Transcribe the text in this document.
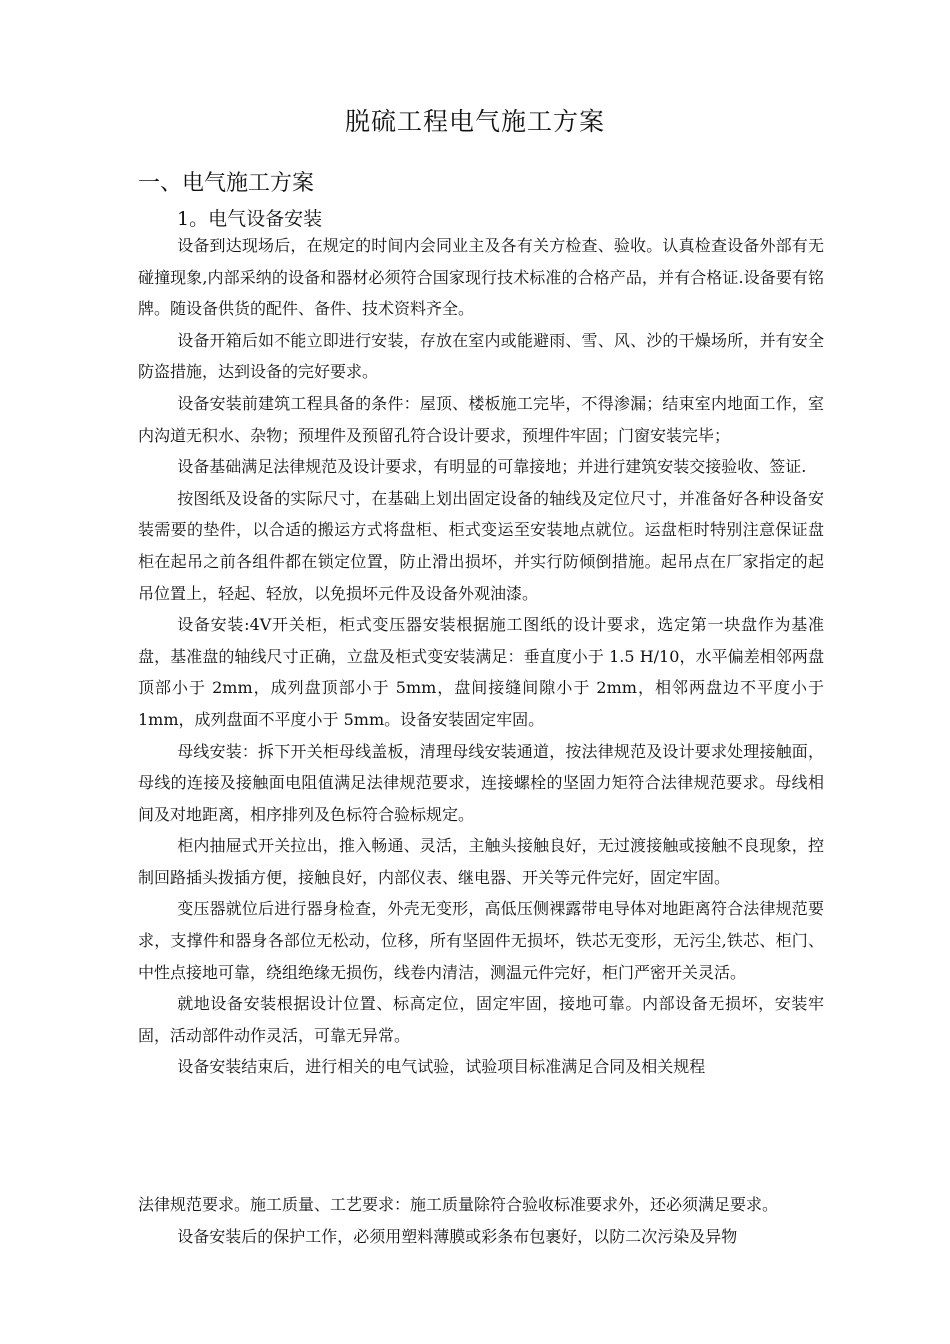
脱硫工程电气施工方案
一、电气施工方案
1。电气设备安装

设备到达现场后，在规定的时间内会同业主及各有关方检查、验收。认真检查设备外部有无碰撞现象,内部采纳的设备和器材必须符合国家现行技术标准的合格产品，并有合格证.设备要有铭牌。随设备供货的配件、备件、技术资料齐全。

设备开箱后如不能立即进行安装，存放在室内或能避雨、雪、风、沙的干燥场所，并有安全防盗措施，达到设备的完好要求。

设备安装前建筑工程具备的条件：屋顶、楼板施工完毕，不得渗漏；结束室内地面工作，室内沟道无积水、杂物；预埋件及预留孔符合设计要求，预埋件牢固；门窗安装完毕；

设备基础满足法律规范及设计要求，有明显的可靠接地；并进行建筑安装交接验收、签证.

按图纸及设备的实际尺寸，在基础上划出固定设备的轴线及定位尺寸，并准备好各种设备安装需要的垫件，以合适的搬运方式将盘柜、柜式变运至安装地点就位。运盘柜时特别注意保证盘柜在起吊之前各组件都在锁定位置，防止滑出损坏，并实行防倾倒措施。起吊点在厂家指定的起吊位置上，轻起、轻放，以免损坏元件及设备外观油漆。

设备安装:4V开关柜，柜式变压器安装根据施工图纸的设计要求，选定第一块盘作为基准盘，基准盘的轴线尺寸正确，立盘及柜式变安装满足：垂直度小于 1.5 H/10，水平偏差相邻两盘顶部小于 2mm，成列盘顶部小于 5mm，盘间接缝间隙小于 2mm，相邻两盘边不平度小于 1mm，成列盘面不平度小于 5mm。设备安装固定牢固。

母线安装：拆下开关柜母线盖板，清理母线安装通道，按法律规范及设计要求处理接触面，母线的连接及接触面电阻值满足法律规范要求，连接螺栓的坚固力矩符合法律规范要求。母线相间及对地距离，相序排列及色标符合验标规定。

柜内抽屉式开关拉出，推入畅通、灵活，主触头接触良好，无过渡接触或接触不良现象，控制回路插头拨插方便，接触良好，内部仪表、继电器、开关等元件完好，固定牢固。

变压器就位后进行器身检查，外壳无变形，高低压侧裸露带电导体对地距离符合法律规范要求，支撑件和器身各部位无松动，位移，所有坚固件无损坏，铁芯无变形，无污尘,铁芯、柜门、中性点接地可靠，绕组绝缘无损伤，线卷内清洁，测温元件完好，柜门严密开关灵活。

就地设备安装根据设计位置、标高定位，固定牢固，接地可靠。内部设备无损坏，安装牢固，活动部件动作灵活，可靠无异常。

设备安装结束后，进行相关的电气试验，试验项目标准满足合同及相关规程

法律规范要求。施工质量、工艺要求：施工质量除符合验收标准要求外，还必须满足要求。

设备安装后的保护工作，必须用塑料薄膜或彩条布包裹好，以防二次污染及异物
